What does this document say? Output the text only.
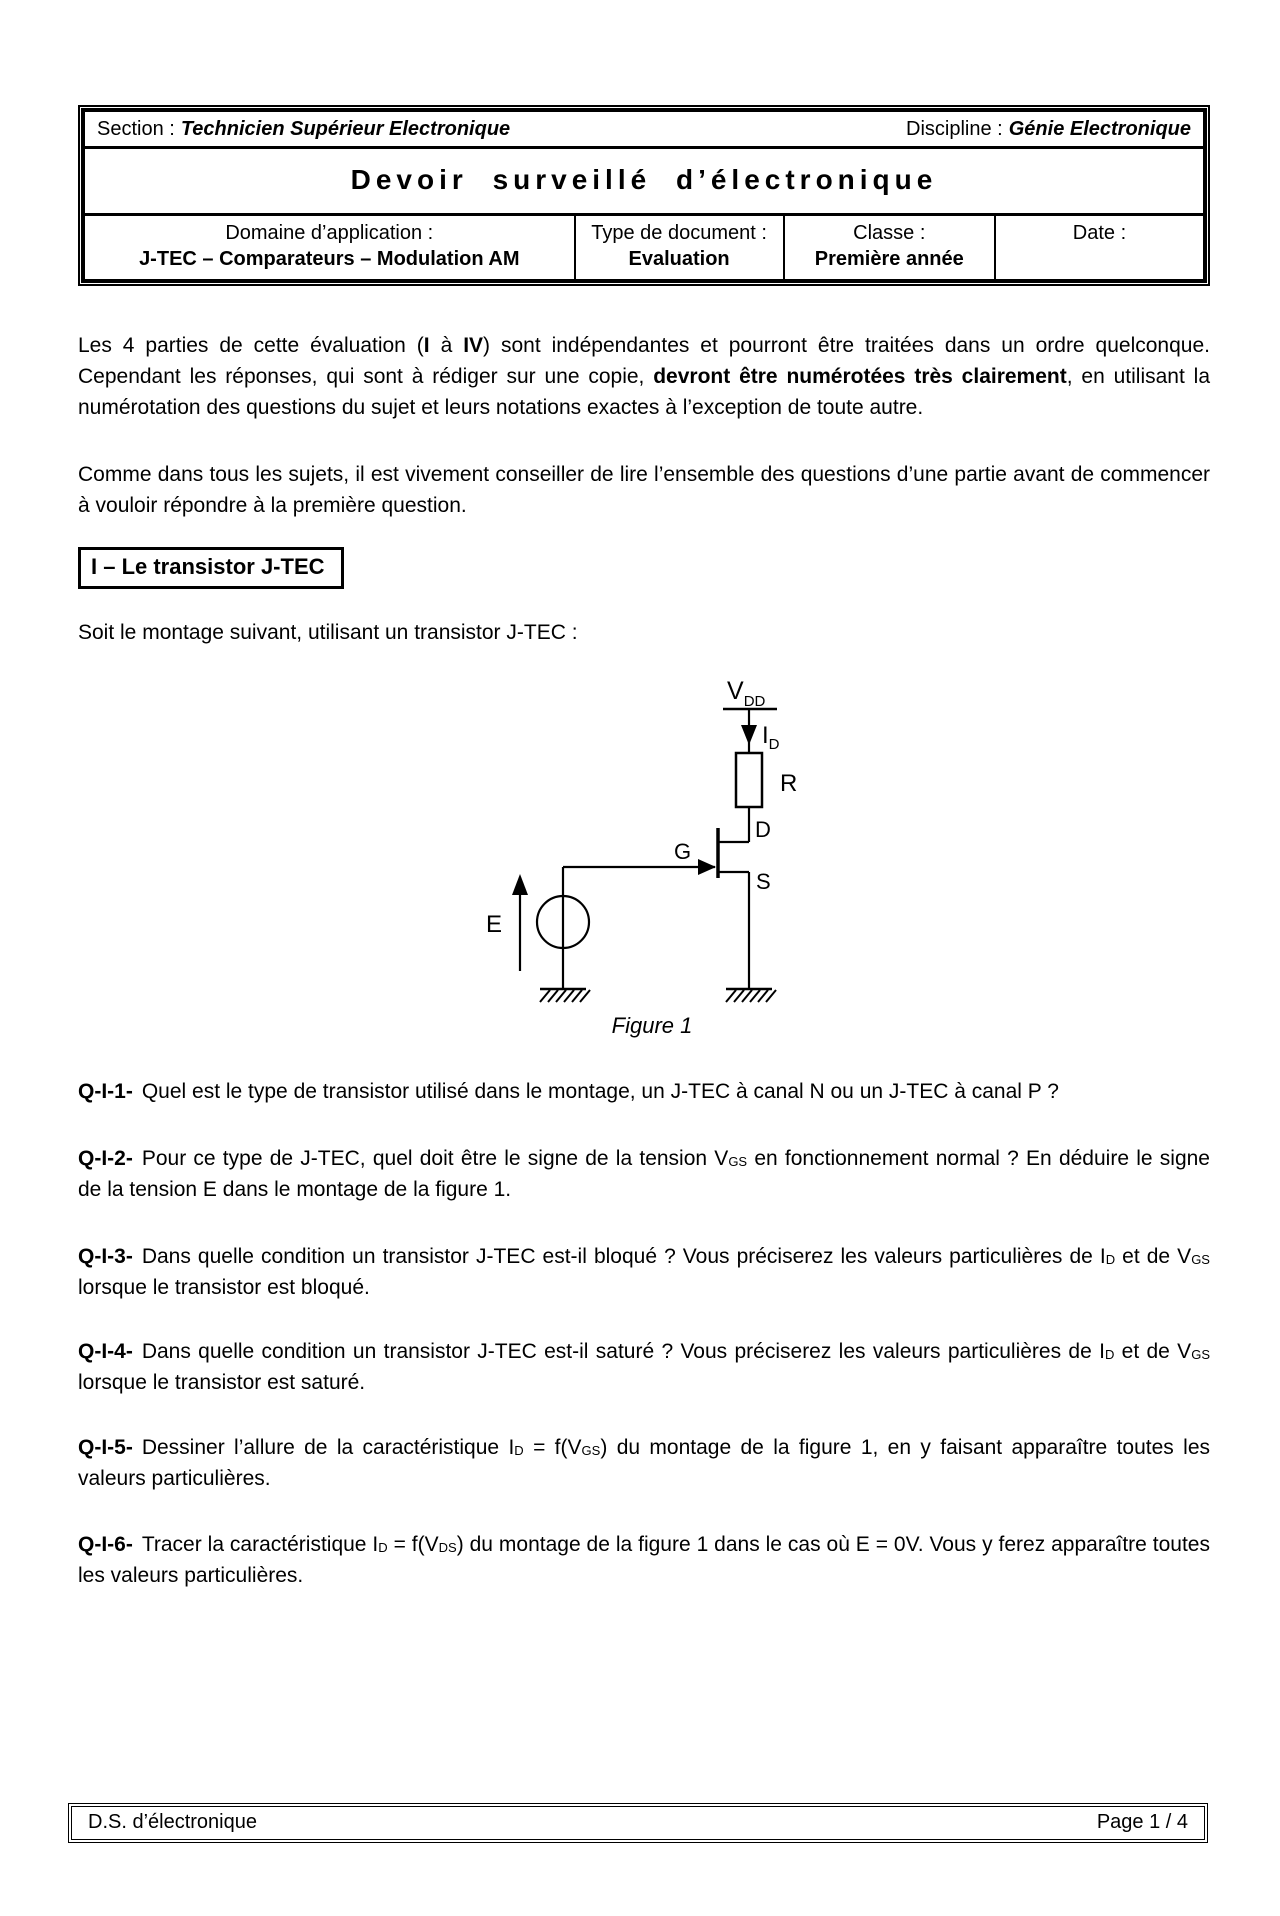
Section : Technicien Supérieur Electronique	Discipline : Génie Electronique
Devoir surveillé d’électronique
Domaine d’application :
J-TEC – Comparateurs – Modulation AM
Type de document :
Evaluation
Classe :
Première année
Date :

Les 4 parties de cette évaluation (I à IV) sont indépendantes et pourront être traitées dans un ordre quelconque. Cependant les réponses, qui sont à rédiger sur une copie, devront être numérotées très clairement, en utilisant la numérotation des questions du sujet et leurs notations exactes à l’exception de toute autre.

Comme dans tous les sujets, il est vivement conseiller de lire l’ensemble des questions d’une partie avant de commencer à vouloir répondre à la première question.

I – Le transistor J-TEC

Soit le montage suivant, utilisant un transistor J-TEC :

$V_{DD}$
$I_D$
R
D
G
S
E
Figure 1

Q-I-1- Quel est le type de transistor utilisé dans le montage, un J-TEC à canal N ou un J-TEC à canal P ?

Q-I-2- Pour ce type de J-TEC, quel doit être le signe de la tension $V_{GS}$ en fonctionnement normal ? En déduire le signe de la tension E dans le montage de la figure 1.

Q-I-3- Dans quelle condition un transistor J-TEC est-il bloqué ? Vous préciserez les valeurs particulières de $I_D$ et de $V_{GS}$ lorsque le transistor est bloqué.

Q-I-4- Dans quelle condition un transistor J-TEC est-il saturé ? Vous préciserez les valeurs particulières de $I_D$ et de $V_{GS}$ lorsque le transistor est saturé.

Q-I-5- Dessiner l’allure de la caractéristique $I_D = f(V_{GS})$ du montage de la figure 1, en y faisant apparaître toutes les valeurs particulières.

Q-I-6- Tracer la caractéristique $I_D = f(V_{DS})$ du montage de la figure 1 dans le cas où E = 0V. Vous y ferez apparaître toutes les valeurs particulières.

D.S. d’électronique	Page 1 / 4
